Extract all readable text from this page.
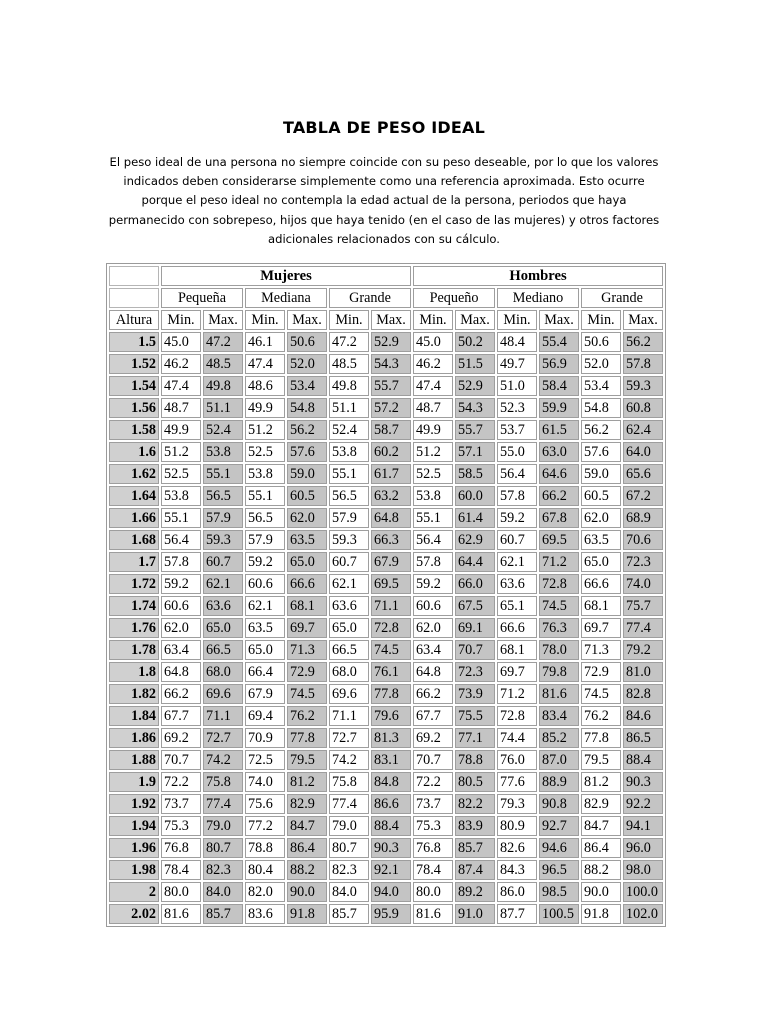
TABLA DE PESO IDEAL
El peso ideal de una persona no siempre coincide con su peso deseable, por lo que los valores
indicados deben considerarse simplemente como una referencia aproximada. Esto ocurre
porque el peso ideal no contempla la edad actual de la persona, periodos que haya
permanecido con sobrepeso, hijos que haya tenido (en el caso de las mujeres) y otros factores
adicionales relacionados con su cálculo.
	Mujeres						Hombres					
	Pequeña		Mediana		Grande		Pequeño		Mediano		Grande	
Altura	Min.	Max.	Min.	Max.	Min.	Max.	Min.	Max.	Min.	Max.	Min.	Max.
1.5	45.0	47.2	46.1	50.6	47.2	52.9	45.0	50.2	48.4	55.4	50.6	56.2
1.52	46.2	48.5	47.4	52.0	48.5	54.3	46.2	51.5	49.7	56.9	52.0	57.8
1.54	47.4	49.8	48.6	53.4	49.8	55.7	47.4	52.9	51.0	58.4	53.4	59.3
1.56	48.7	51.1	49.9	54.8	51.1	57.2	48.7	54.3	52.3	59.9	54.8	60.8
1.58	49.9	52.4	51.2	56.2	52.4	58.7	49.9	55.7	53.7	61.5	56.2	62.4
1.6	51.2	53.8	52.5	57.6	53.8	60.2	51.2	57.1	55.0	63.0	57.6	64.0
1.62	52.5	55.1	53.8	59.0	55.1	61.7	52.5	58.5	56.4	64.6	59.0	65.6
1.64	53.8	56.5	55.1	60.5	56.5	63.2	53.8	60.0	57.8	66.2	60.5	67.2
1.66	55.1	57.9	56.5	62.0	57.9	64.8	55.1	61.4	59.2	67.8	62.0	68.9
1.68	56.4	59.3	57.9	63.5	59.3	66.3	56.4	62.9	60.7	69.5	63.5	70.6
1.7	57.8	60.7	59.2	65.0	60.7	67.9	57.8	64.4	62.1	71.2	65.0	72.3
1.72	59.2	62.1	60.6	66.6	62.1	69.5	59.2	66.0	63.6	72.8	66.6	74.0
1.74	60.6	63.6	62.1	68.1	63.6	71.1	60.6	67.5	65.1	74.5	68.1	75.7
1.76	62.0	65.0	63.5	69.7	65.0	72.8	62.0	69.1	66.6	76.3	69.7	77.4
1.78	63.4	66.5	65.0	71.3	66.5	74.5	63.4	70.7	68.1	78.0	71.3	79.2
1.8	64.8	68.0	66.4	72.9	68.0	76.1	64.8	72.3	69.7	79.8	72.9	81.0
1.82	66.2	69.6	67.9	74.5	69.6	77.8	66.2	73.9	71.2	81.6	74.5	82.8
1.84	67.7	71.1	69.4	76.2	71.1	79.6	67.7	75.5	72.8	83.4	76.2	84.6
1.86	69.2	72.7	70.9	77.8	72.7	81.3	69.2	77.1	74.4	85.2	77.8	86.5
1.88	70.7	74.2	72.5	79.5	74.2	83.1	70.7	78.8	76.0	87.0	79.5	88.4
1.9	72.2	75.8	74.0	81.2	75.8	84.8	72.2	80.5	77.6	88.9	81.2	90.3
1.92	73.7	77.4	75.6	82.9	77.4	86.6	73.7	82.2	79.3	90.8	82.9	92.2
1.94	75.3	79.0	77.2	84.7	79.0	88.4	75.3	83.9	80.9	92.7	84.7	94.1
1.96	76.8	80.7	78.8	86.4	80.7	90.3	76.8	85.7	82.6	94.6	86.4	96.0
1.98	78.4	82.3	80.4	88.2	82.3	92.1	78.4	87.4	84.3	96.5	88.2	98.0
2	80.0	84.0	82.0	90.0	84.0	94.0	80.0	89.2	86.0	98.5	90.0	100.0
2.02	81.6	85.7	83.6	91.8	85.7	95.9	81.6	91.0	87.7	100.5	91.8	102.0
